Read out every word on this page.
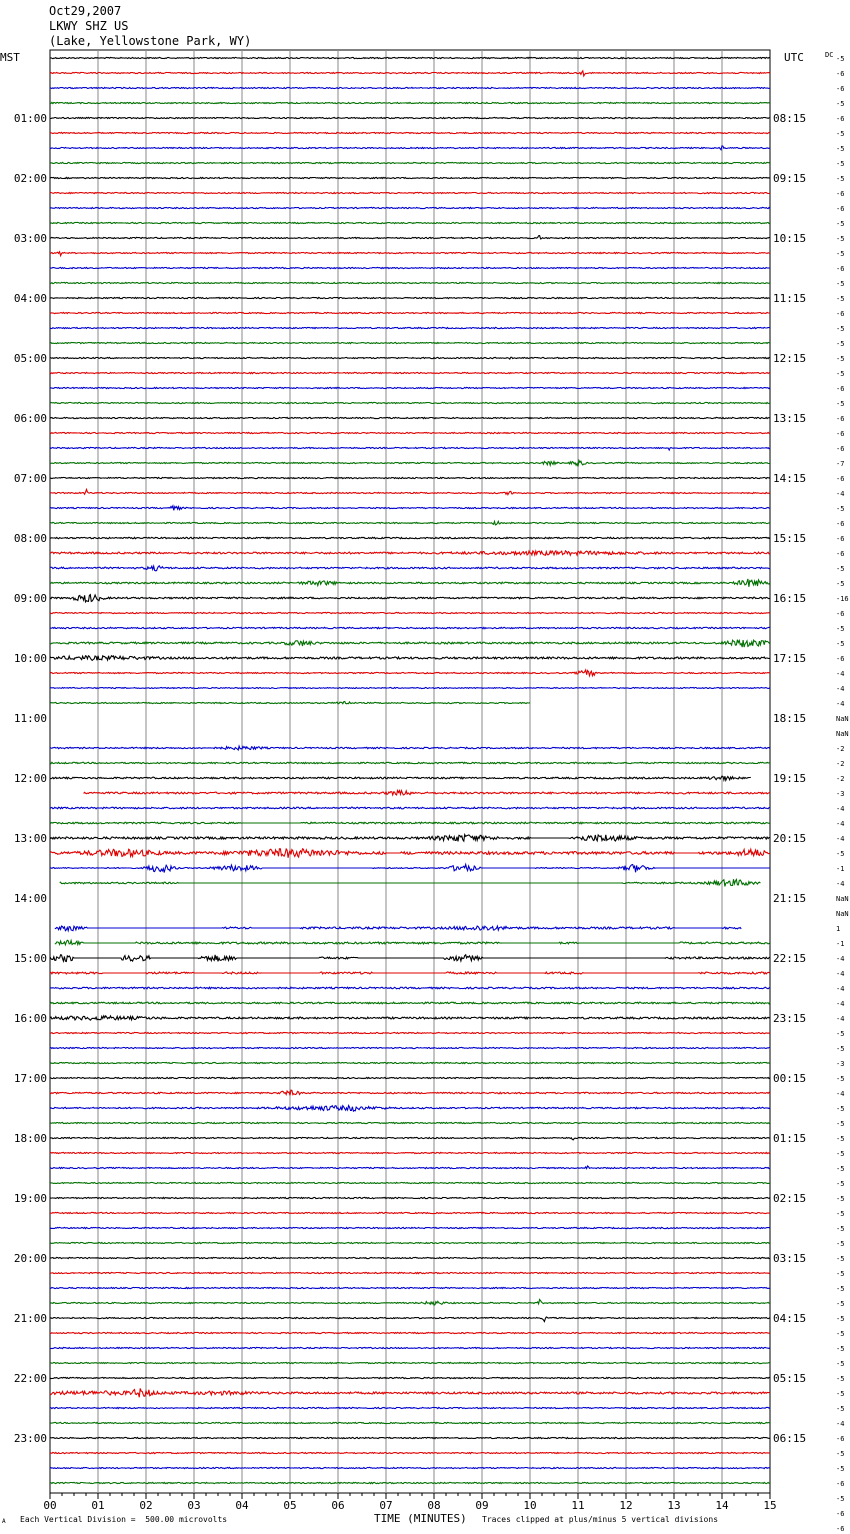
Oct29,2007
LKWY SHZ US
(Lake, Yellowstone Park, WY)
00	01	02	03	04	05	06	07	08	09	10	11	12	13	14	15
MST	UTC	DC
01:00
02:00
03:00
04:00
05:00
06:00
07:00
08:00
09:00
10:00
11:00
12:00
13:00
14:00
15:00
16:00
17:00
18:00
19:00
20:00
21:00
22:00
23:00
08:15
09:15
10:15
11:15
12:15
13:15
14:15
15:15
16:15
17:15
18:15
19:15
20:15
21:15
22:15
23:15
00:15
01:15
02:15
03:15
04:15
05:15
06:15
-5
-6
-6
-5
-6
-5
-5
-5
-5
-6
-6
-5
-5
-5
-6
-5
-5
-6
-5
-5
-5
-5
-6
-5
-6
-6
-6
-7
-6
-4
-5
-6
-6
-6
-5
-5
-16
-6
-5
-5
-6
-4
-4
-4
NaN
NaN
-2
-2
-2
-3
-4
-4
-4
-5
-1
-4
NaN
NaN
1
-1
-4
-4
-4
-4
-4
-5
-5
-3
-5
-4
-5
-5
-5
-5
-5
-5
-5
-5
-5
-5
-5
-5
-5
-5
-5
-5
-5
-5
-5
-5
-5
-4
-6
-5
-5
-6
-5
-6
-6
A Each Vertical Division =  500.00 microvolts	TIME (MINUTES) Traces clipped at plus/minus 5 vertical divisions
